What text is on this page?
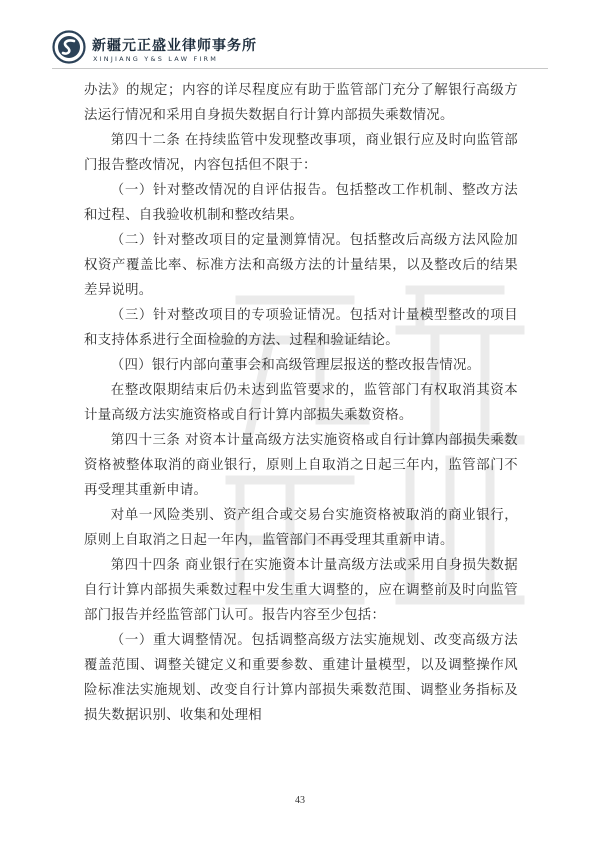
新疆元正盛业律师事务所
XINJIANG Y&S LAW FIRM

办法》的规定；内容的详尽程度应有助于监管部门充分了解银行高级方法运行情况和采用自身损失数据自行计算内部损失乘数情况。

第四十二条 在持续监管中发现整改事项，商业银行应及时向监管部门报告整改情况，内容包括但不限于：

（一）针对整改情况的自评估报告。包括整改工作机制、整改方法和过程、自我验收机制和整改结果。

（二）针对整改项目的定量测算情况。包括整改后高级方法风险加权资产覆盖比率、标准方法和高级方法的计量结果，以及整改后的结果差异说明。

（三）针对整改项目的专项验证情况。包括对计量模型整改的项目和支持体系进行全面检验的方法、过程和验证结论。

（四）银行内部向董事会和高级管理层报送的整改报告情况。

在整改限期结束后仍未达到监管要求的，监管部门有权取消其资本计量高级方法实施资格或自行计算内部损失乘数资格。

第四十三条 对资本计量高级方法实施资格或自行计算内部损失乘数资格被整体取消的商业银行，原则上自取消之日起三年内，监管部门不再受理其重新申请。

对单一风险类别、资产组合或交易台实施资格被取消的商业银行，原则上自取消之日起一年内，监管部门不再受理其重新申请。

第四十四条 商业银行在实施资本计量高级方法或采用自身损失数据自行计算内部损失乘数过程中发生重大调整的，应在调整前及时向监管部门报告并经监管部门认可。报告内容至少包括：

（一）重大调整情况。包括调整高级方法实施规划、改变高级方法覆盖范围、调整关键定义和重要参数、重建计量模型，以及调整操作风险标准法实施规划、改变自行计算内部损失乘数范围、调整业务指标及损失数据识别、收集和处理相

43
